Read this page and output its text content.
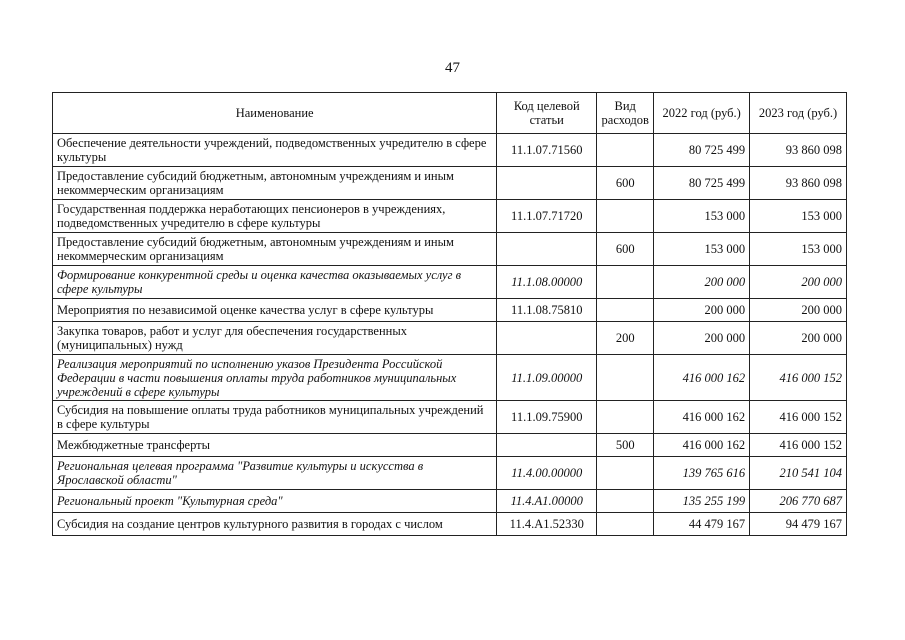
47
Наименование	Код целевой статьи	Вид расходов	2022 год (руб.)	2023 год (руб.)
Обеспечение деятельности учреждений, подведомственных учредителю в сфере культуры	11.1.07.71560		80 725 499	93 860 098
Предоставление субсидий бюджетным, автономным учреждениям и иным некоммерческим организациям		600	80 725 499	93 860 098
Государственная поддержка неработающих пенсионеров в учреждениях, подведомственных учредителю в сфере культуры	11.1.07.71720		153 000	153 000
Предоставление субсидий бюджетным, автономным учреждениям и иным некоммерческим организациям		600	153 000	153 000
Формирование конкурентной среды и оценка качества оказываемых услуг в сфере культуры	11.1.08.00000		200 000	200 000
Мероприятия по независимой оценке качества услуг в сфере культуры	11.1.08.75810		200 000	200 000
Закупка товаров, работ и услуг для обеспечения государственных (муниципальных) нужд		200	200 000	200 000
Реализация мероприятий по исполнению указов Президента Российской Федерации в части повышения оплаты труда работников муниципальных учреждений в сфере культуры	11.1.09.00000		416 000 162	416 000 152
Субсидия на повышение оплаты труда работников муниципальных учреждений в сфере культуры	11.1.09.75900		416 000 162	416 000 152
Межбюджетные трансферты		500	416 000 162	416 000 152
Региональная целевая программа "Развитие культуры и искусства в Ярославской области"	11.4.00.00000		139 765 616	210 541 104
Региональный проект "Культурная среда"	11.4.A1.00000		135 255 199	206 770 687
Субсидия на создание центров культурного развития в городах с числом	11.4.A1.52330		44 479 167	94 479 167
